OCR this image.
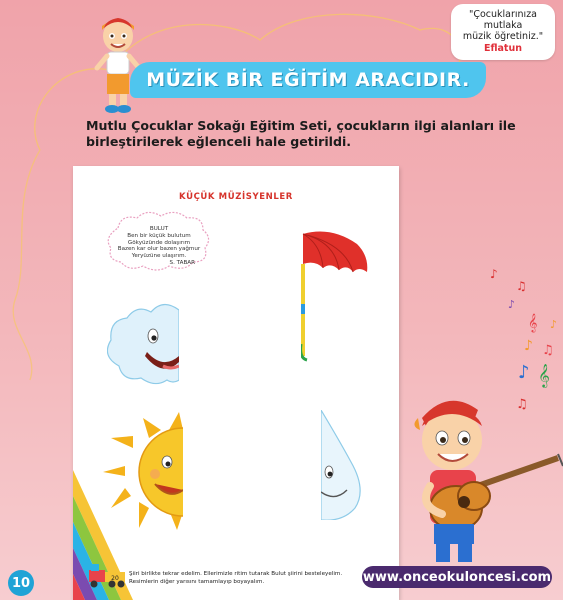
"Çocuklarınıza
mutlaka
müzik öğretiniz."
Eflatun
MÜZİK BİR EĞİTİM ARACIDIR.
Mutlu Çocuklar Sokağı Eğitim Seti, çocukların ilgi alanları ile birleştirilerek eğlenceli hale getirildi.
KÜÇÜK MÜZİSYENLER
BULUT
Ben bir küçük bulutum
Gökyüzünde dolaşırım
Bazen kar olur bazen yağmur
Yeryüzüne ulaşırım.
S. TABAR
20
Şiiri birlikte tekrar edelim. Ellerimizle ritim tutarak Bulut şiirini besteleyelim.
Resimlerin diğer yarısını tamamlayıp boyayalım.
♪
♫
♪
𝄞 ♪
♪ ♫
♪ 𝄞
♫
www.onceokuloncesi.com
10
